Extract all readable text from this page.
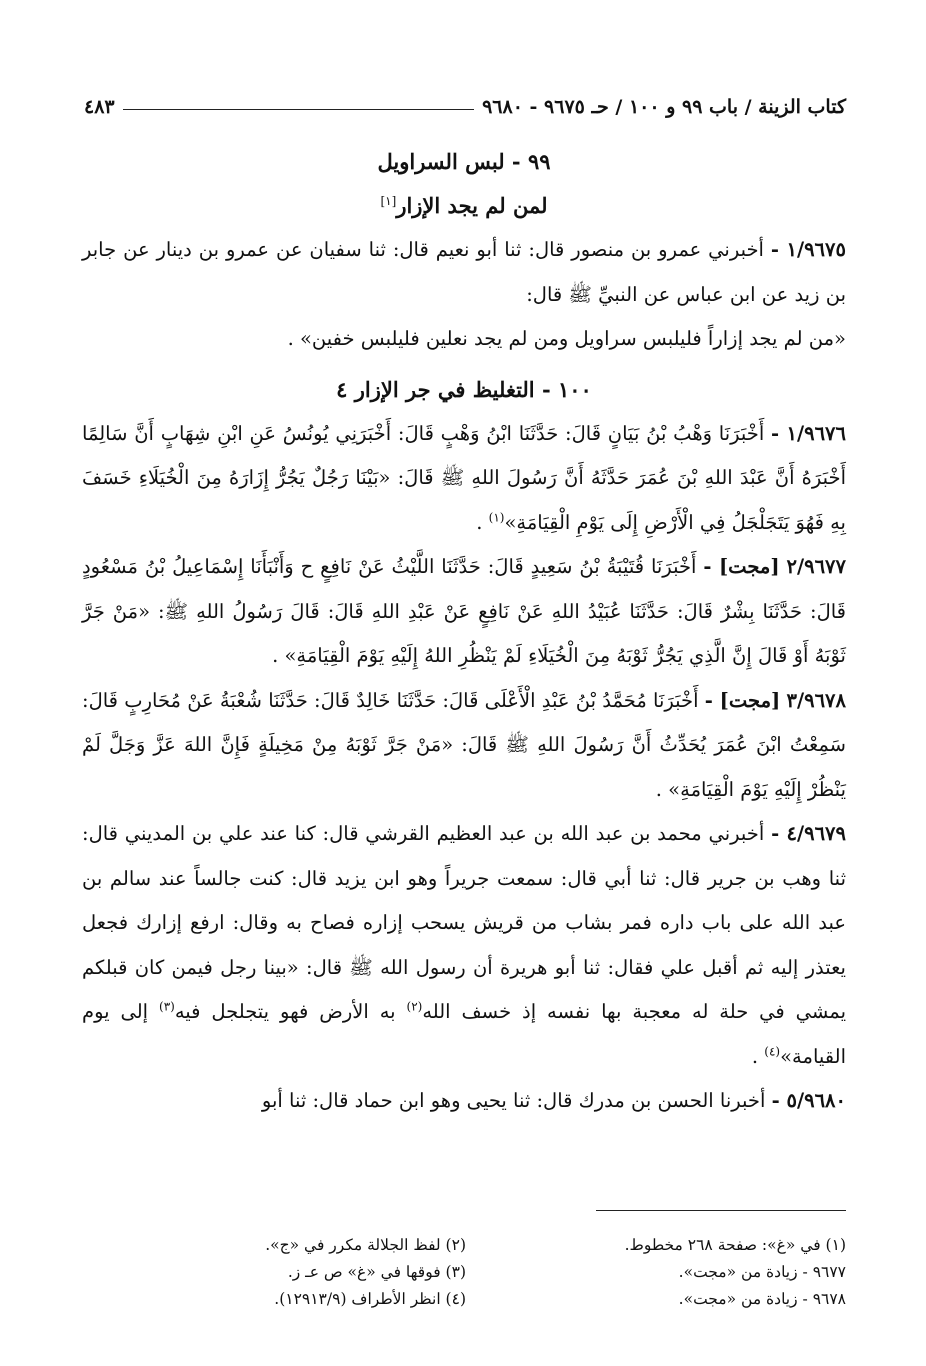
كتاب الزينة / باب ٩٩ و ١٠٠ / حـ ٩٦٧٥ - ٩٦٨٠
٤٨٣
٩٩ - لبس السراويل
لمن لم يجد الإزار[١]

١/٩٦٧٥ - أخبرني عمرو بن منصور قال: ثنا أبو نعيم قال: ثنا سفيان عن عمرو بن دينار عن جابر بن زيد عن ابن عباس عن النبيِّ ﷺ قال:
«من لم يجد إزاراً فليلبس سراويل ومن لم يجد نعلين فليلبس خفين» .

١٠٠ - التغليظ في جر الإزار ٤

١/٩٦٧٦ - أَخْبَرَنَا وَهْبُ بْنُ بَيَانٍ قَالَ: حَدَّثَنَا ابْنُ وَهْبٍ قَالَ: أَخْبَرَنِي يُونُسُ عَنِ ابْنِ شِهَابٍ أَنَّ سَالِمًا أَخْبَرَهُ أَنَّ عَبْدَ اللهِ بْنَ عُمَرَ حَدَّثَهُ أَنَّ رَسُولَ اللهِ ﷺ قَالَ: «بَيْنَا رَجُلٌ يَجُرُّ إِزَارَهُ مِنَ الْخُيَلَاءِ خَسَفَ بِهِ فَهُوَ يَتَجَلْجَلُ فِي الْأَرْضِ إِلَى يَوْمِ الْقِيَامَةِ»$^{(١)}$ .

٢/٩٦٧٧ [مجت] - أَخْبَرَنَا قُتَيْبَةُ بْنُ سَعِيدٍ قَالَ: حَدَّثَنَا اللَّيْثُ عَنْ نَافِعٍ ح وَأَنْبَأَنَا إِسْمَاعِيلُ بْنُ مَسْعُودٍ قَالَ: حَدَّثَنَا بِشْرٌ قَالَ: حَدَّثَنَا عُبَيْدُ اللهِ عَنْ نَافِعٍ عَنْ عَبْدِ اللهِ قَالَ: قَالَ رَسُولُ اللهِ ﷺ: «مَنْ جَرَّ ثَوْبَهُ أَوْ قَالَ إِنَّ الَّذِي يَجُرُّ ثَوْبَهُ مِنَ الْخُيَلَاءِ لَمْ يَنْظُرِ اللهُ إِلَيْهِ يَوْمَ الْقِيَامَةِ» .

٣/٩٦٧٨ [مجت] - أَخْبَرَنَا مُحَمَّدُ بْنُ عَبْدِ الْأَعْلَى قَالَ: حَدَّثَنَا خَالِدٌ قَالَ: حَدَّثَنَا شُعْبَةُ عَنْ مُحَارِبٍ قَالَ: سَمِعْتُ ابْنَ عُمَرَ يُحَدِّثُ أَنَّ رَسُولَ اللهِ ﷺ قَالَ: «مَنْ جَرَّ ثَوْبَهُ مِنْ مَخِيلَةٍ فَإِنَّ اللهَ عَزَّ وَجَلَّ لَمْ يَنْظُرْ إِلَيْهِ يَوْمَ الْقِيَامَةِ» .

٤/٩٦٧٩ - أخبرني محمد بن عبد الله بن عبد العظيم القرشي قال: كنا عند علي بن المديني قال: ثنا وهب بن جرير قال: ثنا أبي قال: سمعت جريراً وهو ابن يزيد قال: كنت جالساً عند سالم بن عبد الله على باب داره فمر بشاب من قريش يسحب إزاره فصاح به وقال: ارفع إزارك فجعل يعتذر إليه ثم أقبل علي فقال: ثنا أبو هريرة أن رسول الله ﷺ قال: «بينا رجل فيمن كان قبلكم يمشي في حلة له معجبة بها نفسه إذ خسف الله$^{(٢)}$ به الأرض فهو يتجلجل فيه$^{(٣)}$ إلى يوم القيامة»$^{(٤)}$ .

٥/٩٦٨٠ - أخبرنا الحسن بن مدرك قال: ثنا يحيى وهو ابن حماد قال: ثنا أبو

(١) في «غ»: صفحة ٢٦٨ مخطوط.
٩٦٧٧ - زيادة من «مجت».
٩٦٧٨ - زيادة من «مجت».
(٢) لفظ الجلالة مكرر في «ج».
(٣) فوقها في «غ» ص عـ ز.
(٤) انظر الأطراف (١٢٩١٣/٩).
